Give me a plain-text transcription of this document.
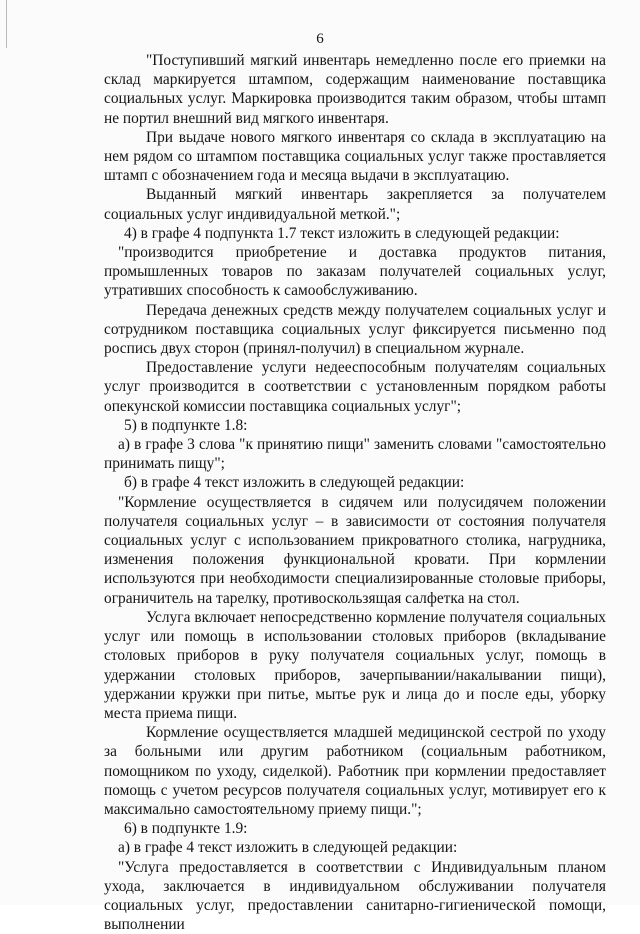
6

"Поступивший мягкий инвентарь немедленно после его приемки на склад маркируется штампом, содержащим наименование поставщика социальных услуг. Маркировка производится таким образом, чтобы штамп не портил внешний вид мягкого инвентаря.

При выдаче нового мягкого инвентаря со склада в эксплуатацию на нем рядом со штампом поставщика социальных услуг также проставляется штамп с обозначением года и месяца выдачи в эксплуатацию.

Выданный мягкий инвентарь закрепляется за получателем социальных услуг индивидуальной меткой.";

4) в графе 4 подпункта 1.7 текст изложить в следующей редакции:

"производится приобретение и доставка продуктов питания, промышленных товаров по заказам получателей социальных услуг, утративших способность к самообслуживанию.

Передача денежных средств между получателем социальных услуг и сотрудником поставщика социальных услуг фиксируется письменно под роспись двух сторон (принял-получил) в специальном журнале.

Предоставление услуги недееспособным получателям социальных услуг производится в соответствии с установленным порядком работы опекунской комиссии поставщика социальных услуг";

5) в подпункте 1.8:

а) в графе 3 слова "к принятию пищи" заменить словами "самостоятельно принимать пищу";

б) в графе 4 текст изложить в следующей редакции:

"Кормление осуществляется в сидячем или полусидячем положении получателя социальных услуг – в зависимости от состояния получателя социальных услуг с использованием прикроватного столика, нагрудника, изменения положения функциональной кровати. При кормлении используются при необходимости специализированные столовые приборы, ограничитель на тарелку, противоскользящая салфетка на стол.

Услуга включает непосредственно кормление получателя социальных услуг или помощь в использовании столовых приборов (вкладывание столовых приборов в руку получателя социальных услуг, помощь в удержании столовых приборов, зачерпывании/накалывании пищи), удержании кружки при питье, мытье рук и лица до и после еды, уборку места приема пищи.

Кормление осуществляется младшей медицинской сестрой по уходу за больными или другим работником (социальным работником, помощником по уходу, сиделкой). Работник при кормлении предоставляет помощь с учетом ресурсов получателя социальных услуг, мотивирует его к максимально самостоятельному приему пищи.";

6) в подпункте 1.9:

а) в графе 4 текст изложить в следующей редакции:

"Услуга предоставляется в соответствии с Индивидуальным планом ухода, заключается в индивидуальном обслуживании получателя социальных услуг, предоставлении санитарно-гигиенической помощи, выполнении
